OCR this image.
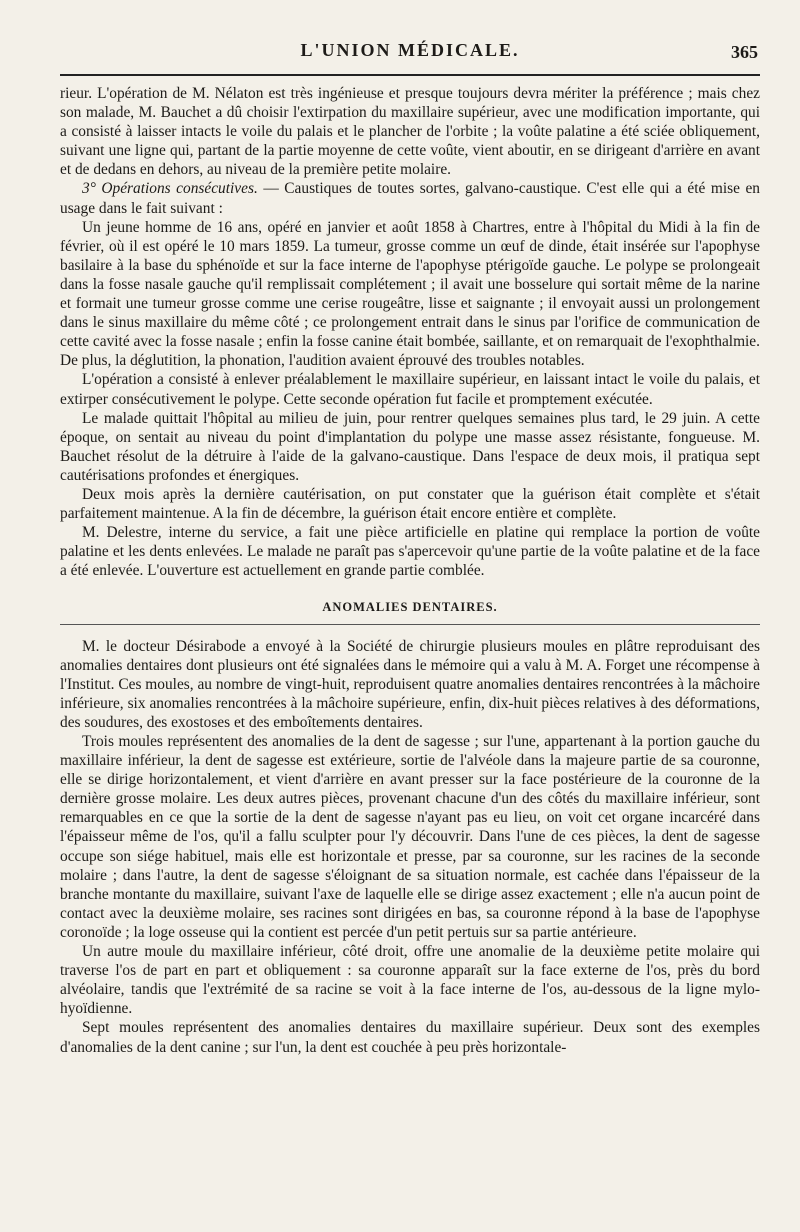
L'UNION MÉDICALE.	365

rieur. L'opération de M. Nélaton est très ingénieuse et presque toujours devra mériter la préférence ; mais chez son malade, M. Bauchet a dû choisir l'extirpation du maxillaire supérieur, avec une modification importante, qui a consisté à laisser intacts le voile du palais et le plancher de l'orbite ; la voûte palatine a été sciée obliquement, suivant une ligne qui, partant de la partie moyenne de cette voûte, vient aboutir, en se dirigeant d'arrière en avant et de dedans en dehors, au niveau de la première petite molaire.

3° Opérations consécutives. — Caustiques de toutes sortes, galvano-caustique. C'est elle qui a été mise en usage dans le fait suivant :

Un jeune homme de 16 ans, opéré en janvier et août 1858 à Chartres, entre à l'hôpital du Midi à la fin de février, où il est opéré le 10 mars 1859. La tumeur, grosse comme un œuf de dinde, était insérée sur l'apophyse basilaire à la base du sphénoïde et sur la face interne de l'apophyse ptérigoïde gauche. Le polype se prolongeait dans la fosse nasale gauche qu'il remplissait complétement ; il avait une bosselure qui sortait même de la narine et formait une tumeur grosse comme une cerise rougeâtre, lisse et saignante ; il envoyait aussi un prolongement dans le sinus maxillaire du même côté ; ce prolongement entrait dans le sinus par l'orifice de communication de cette cavité avec la fosse nasale ; enfin la fosse canine était bombée, saillante, et on remarquait de l'exophthalmie. De plus, la déglutition, la phonation, l'audition avaient éprouvé des troubles notables.

L'opération a consisté à enlever préalablement le maxillaire supérieur, en laissant intact le voile du palais, et extirper consécutivement le polype. Cette seconde opération fut facile et promptement exécutée.

Le malade quittait l'hôpital au milieu de juin, pour rentrer quelques semaines plus tard, le 29 juin. A cette époque, on sentait au niveau du point d'implantation du polype une masse assez résistante, fongueuse. M. Bauchet résolut de la détruire à l'aide de la galvano-caustique. Dans l'espace de deux mois, il pratiqua sept cautérisations profondes et énergiques.

Deux mois après la dernière cautérisation, on put constater que la guérison était complète et s'était parfaitement maintenue. A la fin de décembre, la guérison était encore entière et complète.

M. Delestre, interne du service, a fait une pièce artificielle en platine qui remplace la portion de voûte palatine et les dents enlevées. Le malade ne paraît pas s'apercevoir qu'une partie de la voûte palatine et de la face a été enlevée. L'ouverture est actuellement en grande partie comblée.

ANOMALIES DENTAIRES.

M. le docteur Désirabode a envoyé à la Société de chirurgie plusieurs moules en plâtre reproduisant des anomalies dentaires dont plusieurs ont été signalées dans le mémoire qui a valu à M. A. Forget une récompense à l'Institut. Ces moules, au nombre de vingt-huit, reproduisent quatre anomalies dentaires rencontrées à la mâchoire inférieure, six anomalies rencontrées à la mâchoire supérieure, enfin, dix-huit pièces relatives à des déformations, des soudures, des exostoses et des emboîtements dentaires.

Trois moules représentent des anomalies de la dent de sagesse ; sur l'une, appartenant à la portion gauche du maxillaire inférieur, la dent de sagesse est extérieure, sortie de l'alvéole dans la majeure partie de sa couronne, elle se dirige horizontalement, et vient d'arrière en avant presser sur la face postérieure de la couronne de la dernière grosse molaire. Les deux autres pièces, provenant chacune d'un des côtés du maxillaire inférieur, sont remarquables en ce que la sortie de la dent de sagesse n'ayant pas eu lieu, on voit cet organe incarcéré dans l'épaisseur même de l'os, qu'il a fallu sculpter pour l'y découvrir. Dans l'une de ces pièces, la dent de sagesse occupe son siége habituel, mais elle est horizontale et presse, par sa couronne, sur les racines de la seconde molaire ; dans l'autre, la dent de sagesse s'éloignant de sa situation normale, est cachée dans l'épaisseur de la branche montante du maxillaire, suivant l'axe de laquelle elle se dirige assez exactement ; elle n'a aucun point de contact avec la deuxième molaire, ses racines sont dirigées en bas, sa couronne répond à la base de l'apophyse coronoïde ; la loge osseuse qui la contient est percée d'un petit pertuis sur sa partie antérieure.

Un autre moule du maxillaire inférieur, côté droit, offre une anomalie de la deuxième petite molaire qui traverse l'os de part en part et obliquement : sa couronne apparaît sur la face externe de l'os, près du bord alvéolaire, tandis que l'extrémité de sa racine se voit à la face interne de l'os, au-dessous de la ligne mylo-hyoïdienne.

Sept moules représentent des anomalies dentaires du maxillaire supérieur. Deux sont des exemples d'anomalies de la dent canine ; sur l'un, la dent est couchée à peu près horizontale-
